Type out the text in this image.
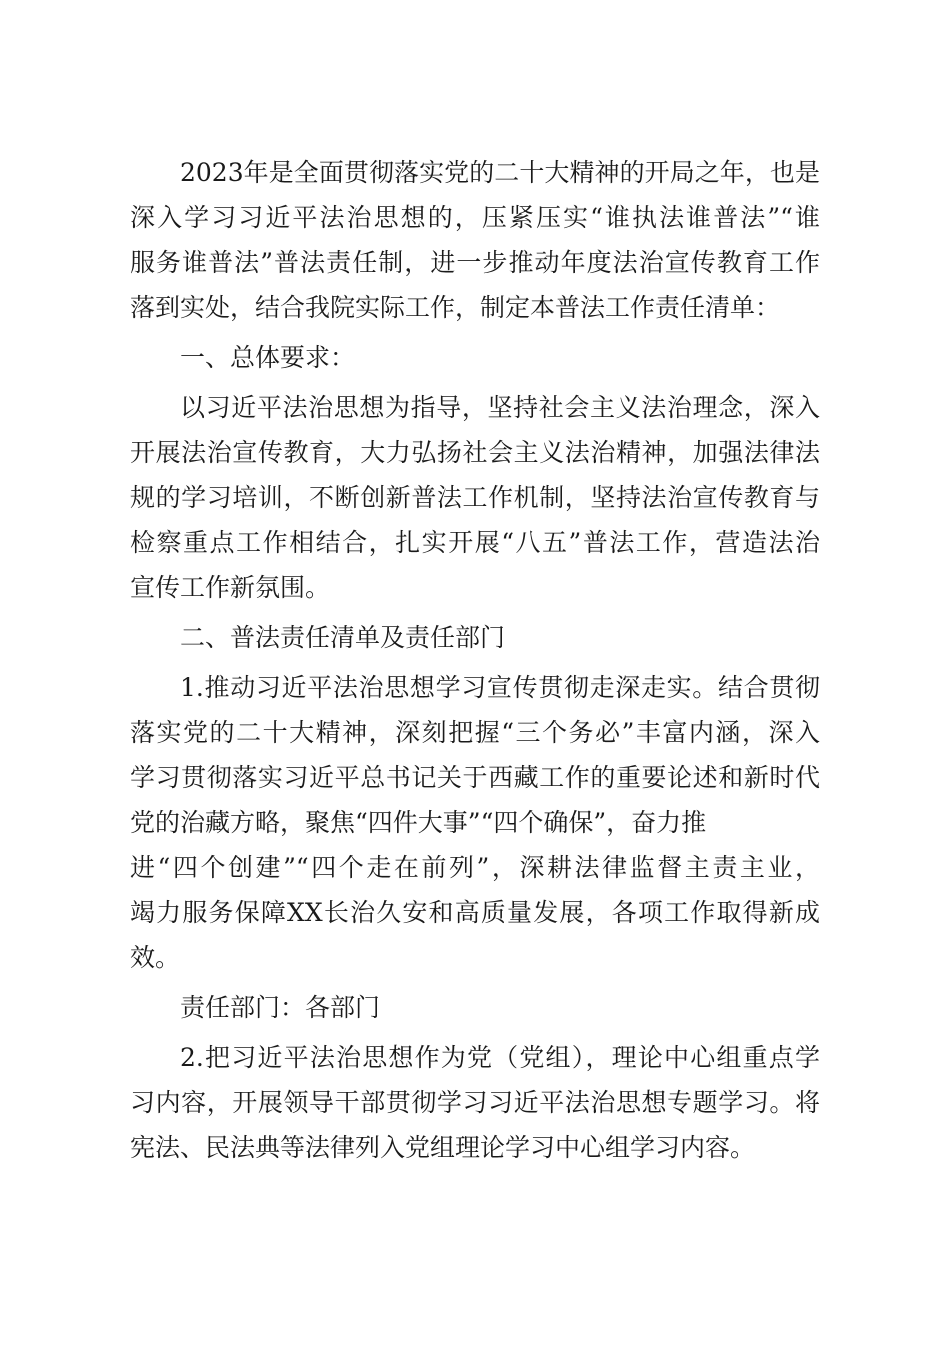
2023年是全面贯彻落实党的二十大精神的开局之年，也是
深入学习习近平法治思想的，压紧压实“谁执法谁普法”“谁
服务谁普法”普法责任制，进一步推动年度法治宣传教育工作
落到实处，结合我院实际工作，制定本普法工作责任清单：
一、总体要求：
以习近平法治思想为指导，坚持社会主义法治理念，深入
开展法治宣传教育，大力弘扬社会主义法治精神，加强法律法
规的学习培训，不断创新普法工作机制，坚持法治宣传教育与
检察重点工作相结合，扎实开展“八五”普法工作，营造法治
宣传工作新氛围。
二、普法责任清单及责任部门
1.推动习近平法治思想学习宣传贯彻走深走实。结合贯彻
落实党的二十大精神，深刻把握“三个务必”丰富内涵，深入
学习贯彻落实习近平总书记关于西藏工作的重要论述和新时代
党的治藏方略，聚焦“四件大事”“四个确保”，奋力推
进“四个创建”“四个走在前列”，深耕法律监督主责主业，
竭力服务保障XX长治久安和高质量发展，各项工作取得新成
效。
责任部门：各部门
2.把习近平法治思想作为党（党组），理论中心组重点学
习内容，开展领导干部贯彻学习习近平法治思想专题学习。将
宪法、民法典等法律列入党组理论学习中心组学习内容。
